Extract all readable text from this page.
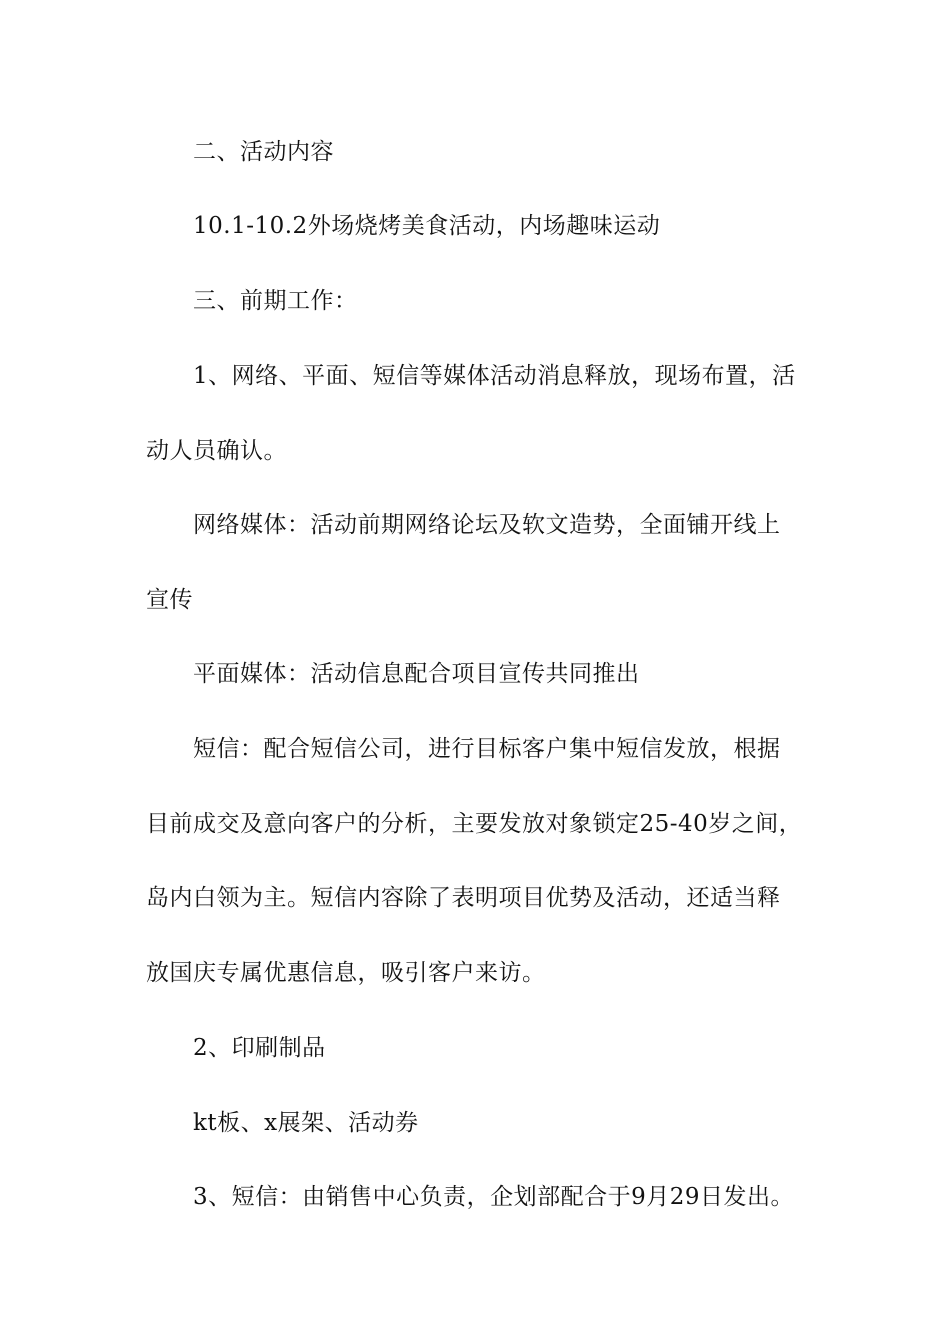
二、活动内容
10.1-10.2外场烧烤美食活动，内场趣味运动
三、前期工作：
1、网络、平面、短信等媒体活动消息释放，现场布置，活
动人员确认。
网络媒体：活动前期网络论坛及软文造势，全面铺开线上
宣传
平面媒体：活动信息配合项目宣传共同推出
短信：配合短信公司，进行目标客户集中短信发放，根据
目前成交及意向客户的分析，主要发放对象锁定25-40岁之间，
岛内白领为主。短信内容除了表明项目优势及活动，还适当释
放国庆专属优惠信息，吸引客户来访。
2、印刷制品
kt板、x展架、活动券
3、短信：由销售中心负责，企划部配合于9月29日发出。
